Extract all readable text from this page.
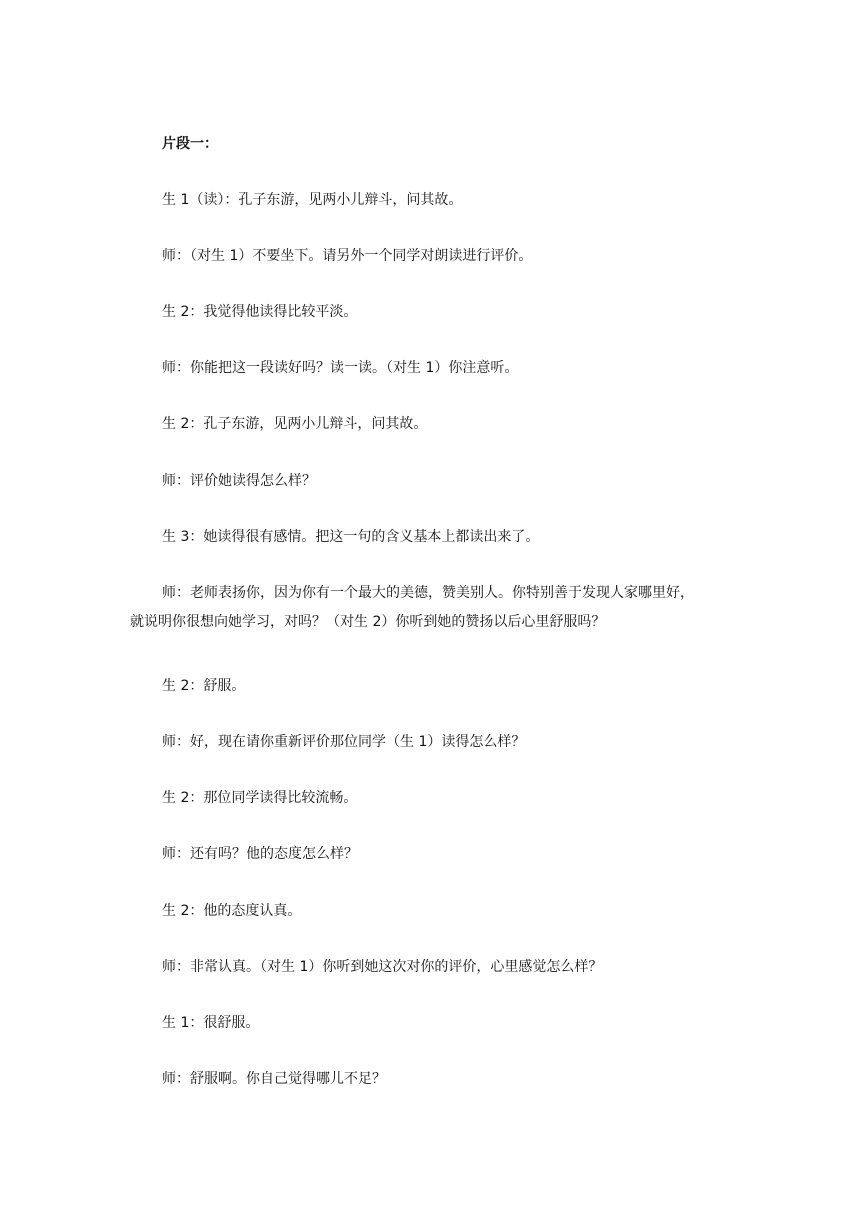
片段一：
生 1（读）：孔子东游，见两小儿辩斗，问其故。
师：（对生 1）不要坐下。请另外一个同学对朗读进行评价。
生 2：我觉得他读得比较平淡。
师：你能把这一段读好吗？读一读。（对生 1）你注意听。
生 2：孔子东游，见两小儿辩斗，问其故。
师：评价她读得怎么样？
生 3：她读得很有感情。把这一句的含义基本上都读出来了。
师：老师表扬你，因为你有一个最大的美德，赞美别人。你特别善于发现人家哪里好，
就说明你很想向她学习，对吗？（对生 2）你听到她的赞扬以后心里舒服吗？
生 2：舒服。
师：好，现在请你重新评价那位同学（生 1）读得怎么样？
生 2：那位同学读得比较流畅。
师：还有吗？他的态度怎么样？
生 2：他的态度认真。
师：非常认真。（对生 1）你听到她这次对你的评价，心里感觉怎么样？
生 1：很舒服。
师：舒服啊。你自己觉得哪儿不足？
